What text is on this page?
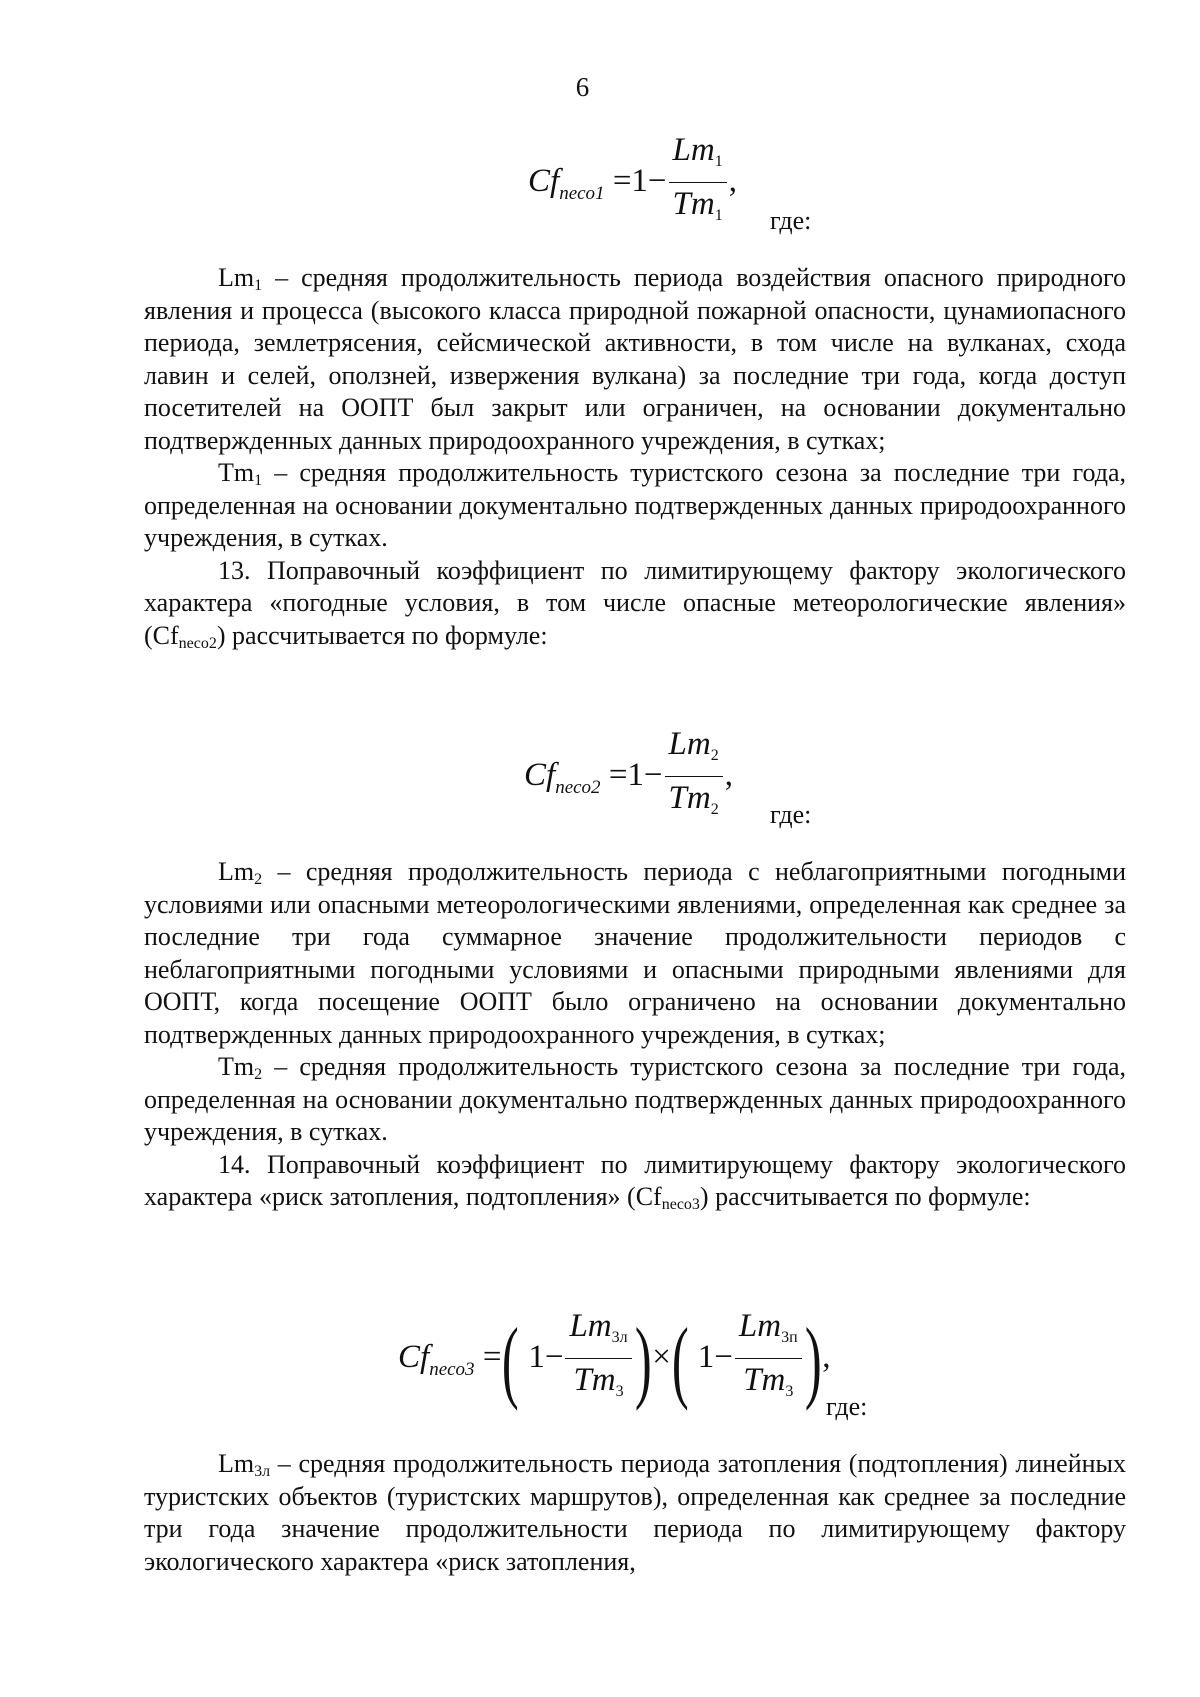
6
$Cf_{neco1} =1- \frac{Lm1}{Tm1}$ ,
где:

$Lm_1$ – средняя продолжительность периода воздействия опасного природного явления и процесса (высокого класса природной пожарной опасности, цунамиопасного периода, землетрясения, сейсмической активности, в том числе на вулканах, схода лавин и селей, оползней, извержения вулкана) за последние три года, когда доступ посетителей на ООПТ был закрыт или ограничен, на основании документально подтвержденных данных природоохранного учреждения, в сутках;

$Tm_1$ – средняя продолжительность туристского сезона за последние три года, определенная на основании документально подтвержденных данных природоохранного учреждения, в сутках.

13. Поправочный коэффициент по лимитирующему фактору экологического характера «погодные условия, в том числе опасные метеорологические явления» $(Cf_{neco2})$ рассчитывается по формуле:

$Cf_{neco2} =1- \frac{Lm2}{Tm2}$ ,
где:

$Lm_2$ – средняя продолжительность периода с неблагоприятными погодными условиями или опасными метеорологическими явлениями, определенная как среднее за последние три года суммарное значение продолжительности периодов с неблагоприятными погодными условиями и опасными природными явлениями для ООПТ, когда посещение ООПТ было ограничено на основании документально подтвержденных данных природоохранного учреждения, в сутках;

$Tm_2$ – средняя продолжительность туристского сезона за последние три года, определенная на основании документально подтвержденных данных природоохранного учреждения, в сутках.

14. Поправочный коэффициент по лимитирующему фактору экологического характера «риск затопления, подтопления» $(Cf_{neco3})$ рассчитывается по формуле:

$Cf_{neco3}$ =( $1- \frac{Lm3л}{Tm3}$ )×( $1- \frac{Lm3п}{Tm3}$ ),
где:

$Lm_{3л}$ – средняя продолжительность периода затопления (подтопления) линейных туристских объектов (туристских маршрутов), определенная как среднее за последние три года значение продолжительности периода по лимитирующему фактору экологического характера «риск затопления,
